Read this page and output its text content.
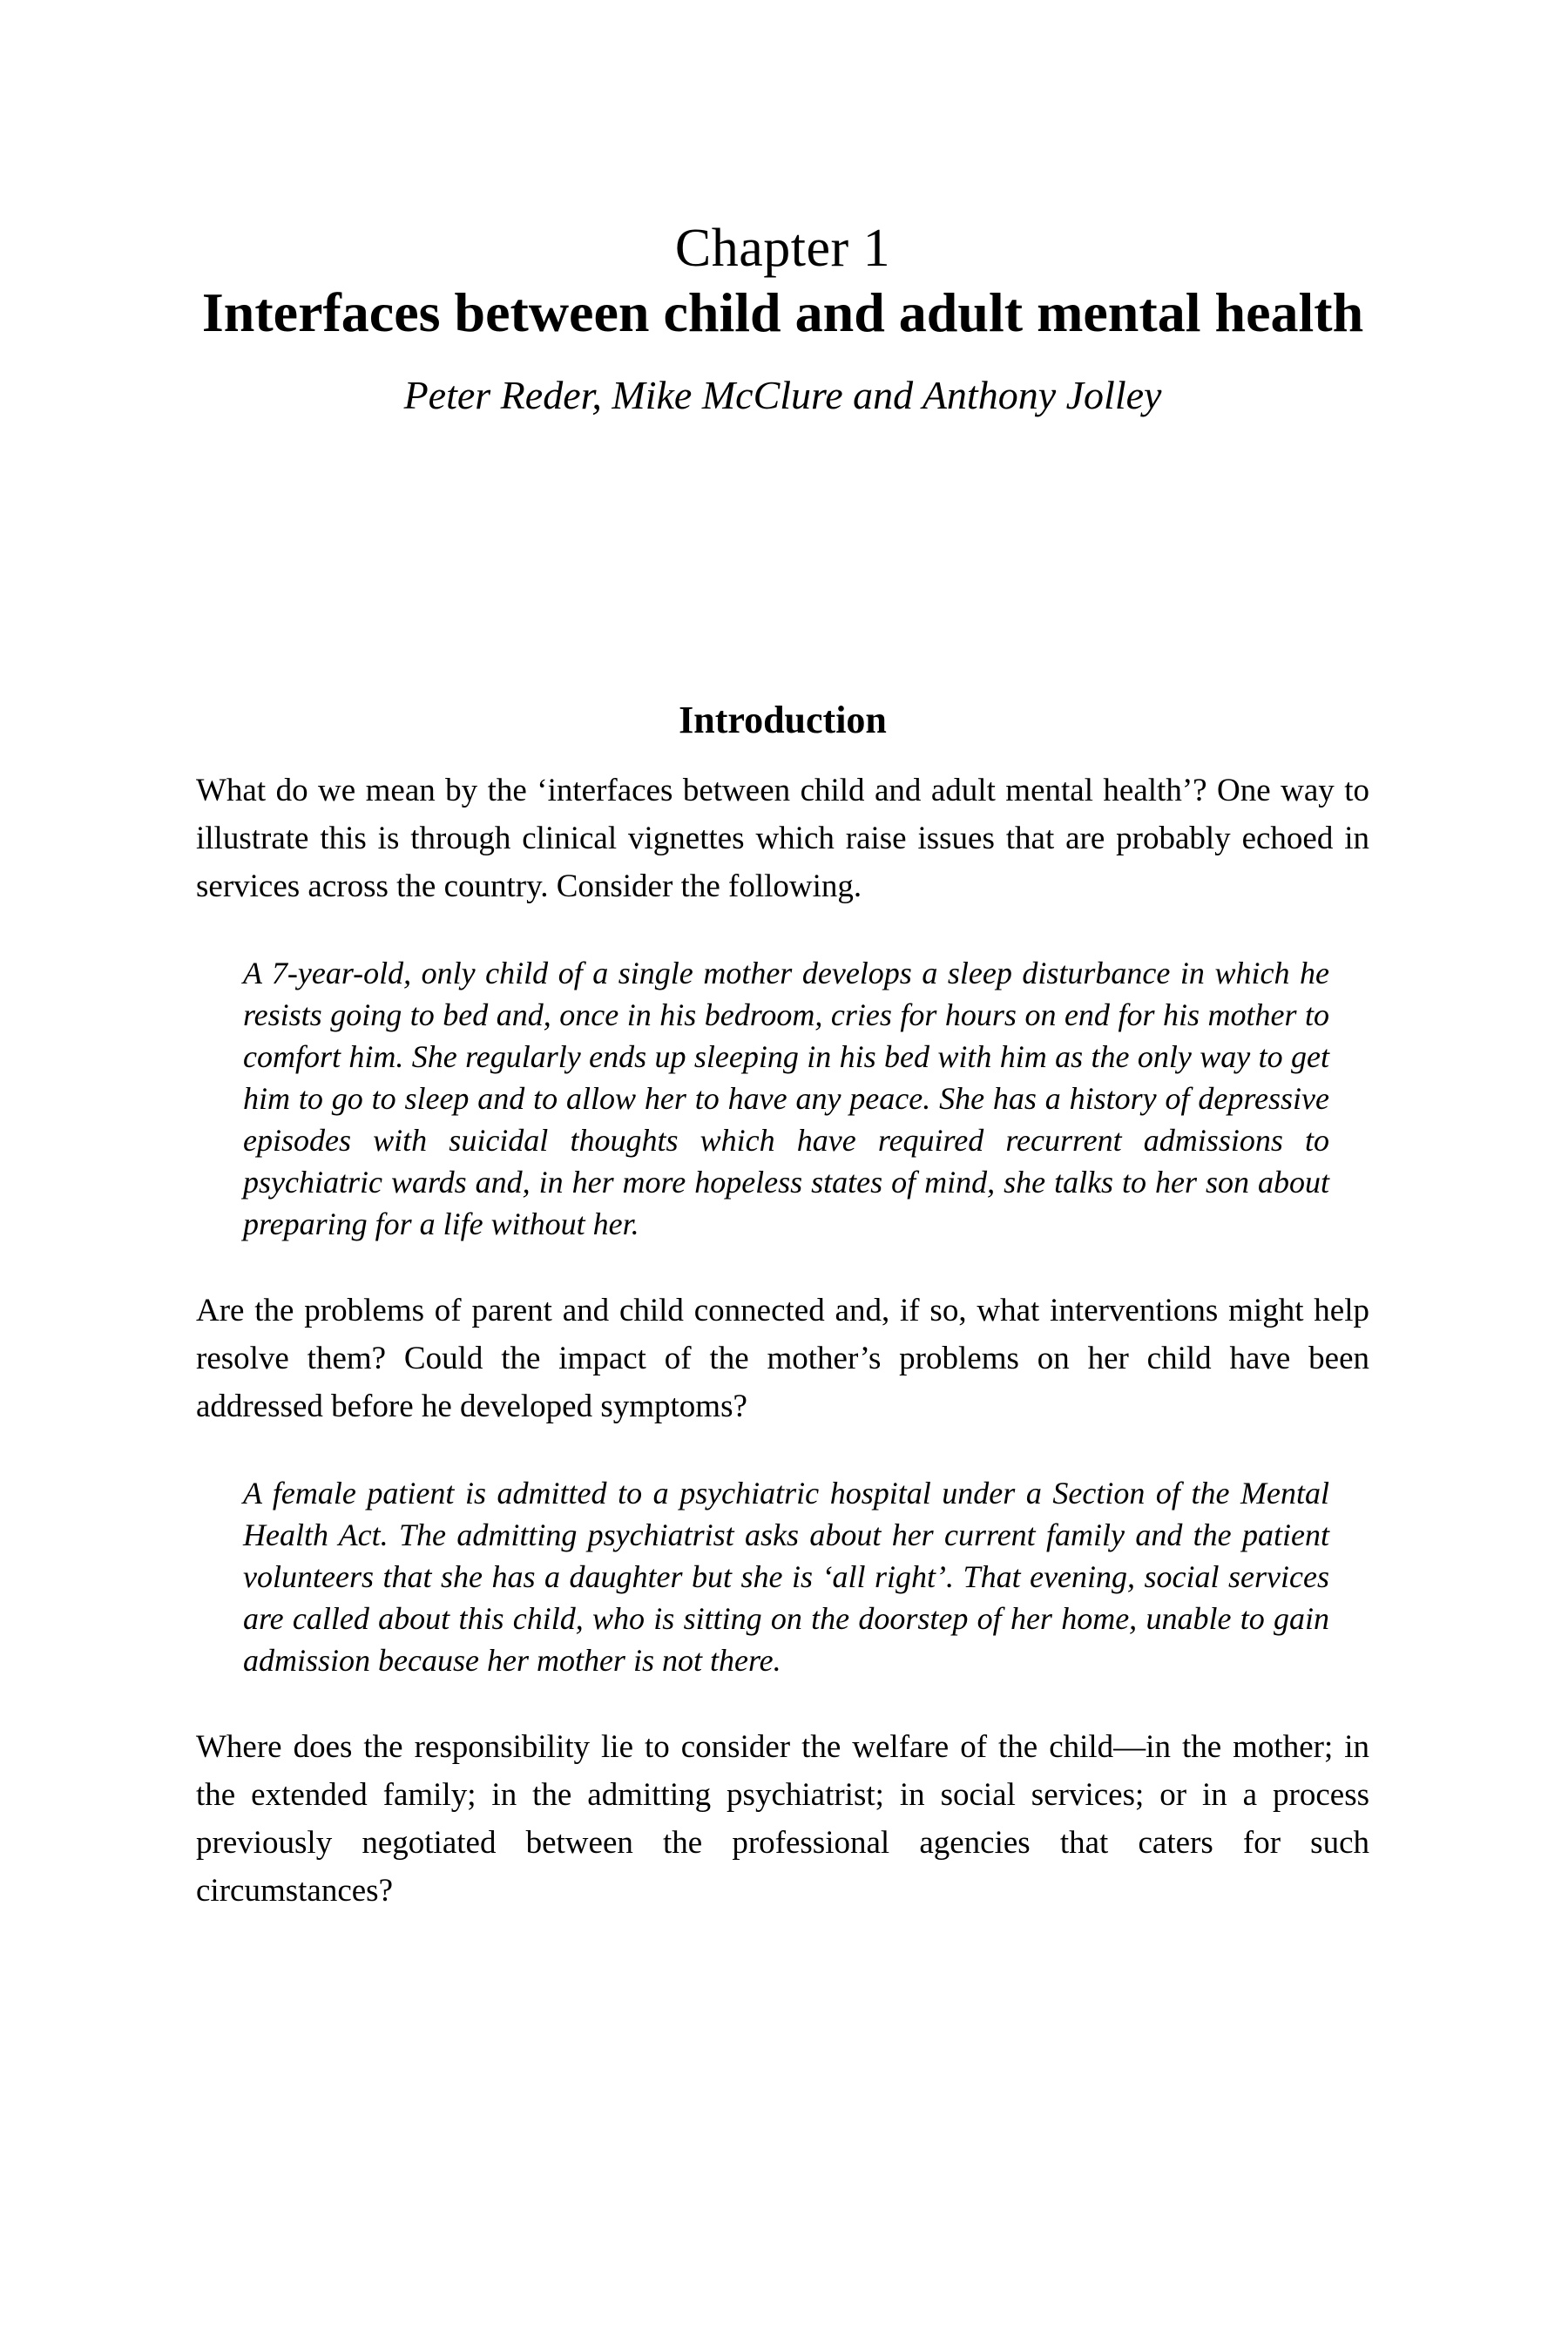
Chapter 1
Interfaces between child and adult mental health
Peter Reder, Mike McClure and Anthony Jolley
Introduction

What do we mean by the ‘interfaces between child and adult mental health’? One way to illustrate this is through clinical vignettes which raise issues that are probably echoed in services across the country. Consider the following.

A 7-year-old, only child of a single mother develops a sleep disturbance in which he resists going to bed and, once in his bedroom, cries for hours on end for his mother to comfort him. She regularly ends up sleeping in his bed with him as the only way to get him to go to sleep and to allow her to have any peace. She has a history of depressive episodes with suicidal thoughts which have required recurrent admissions to psychiatric wards and, in her more hopeless states of mind, she talks to her son about preparing for a life without her.

Are the problems of parent and child connected and, if so, what interventions might help resolve them? Could the impact of the mother’s problems on her child have been addressed before he developed symptoms?

A female patient is admitted to a psychiatric hospital under a Section of the Mental Health Act. The admitting psychiatrist asks about her current family and the patient volunteers that she has a daughter but she is ‘all right’. That evening, social services are called about this child, who is sitting on the doorstep of her home, unable to gain admission because her mother is not there.

Where does the responsibility lie to consider the welfare of the child—in the mother; in the extended family; in the admitting psychiatrist; in social services; or in a process previously negotiated between the professional agencies that caters for such circumstances?
